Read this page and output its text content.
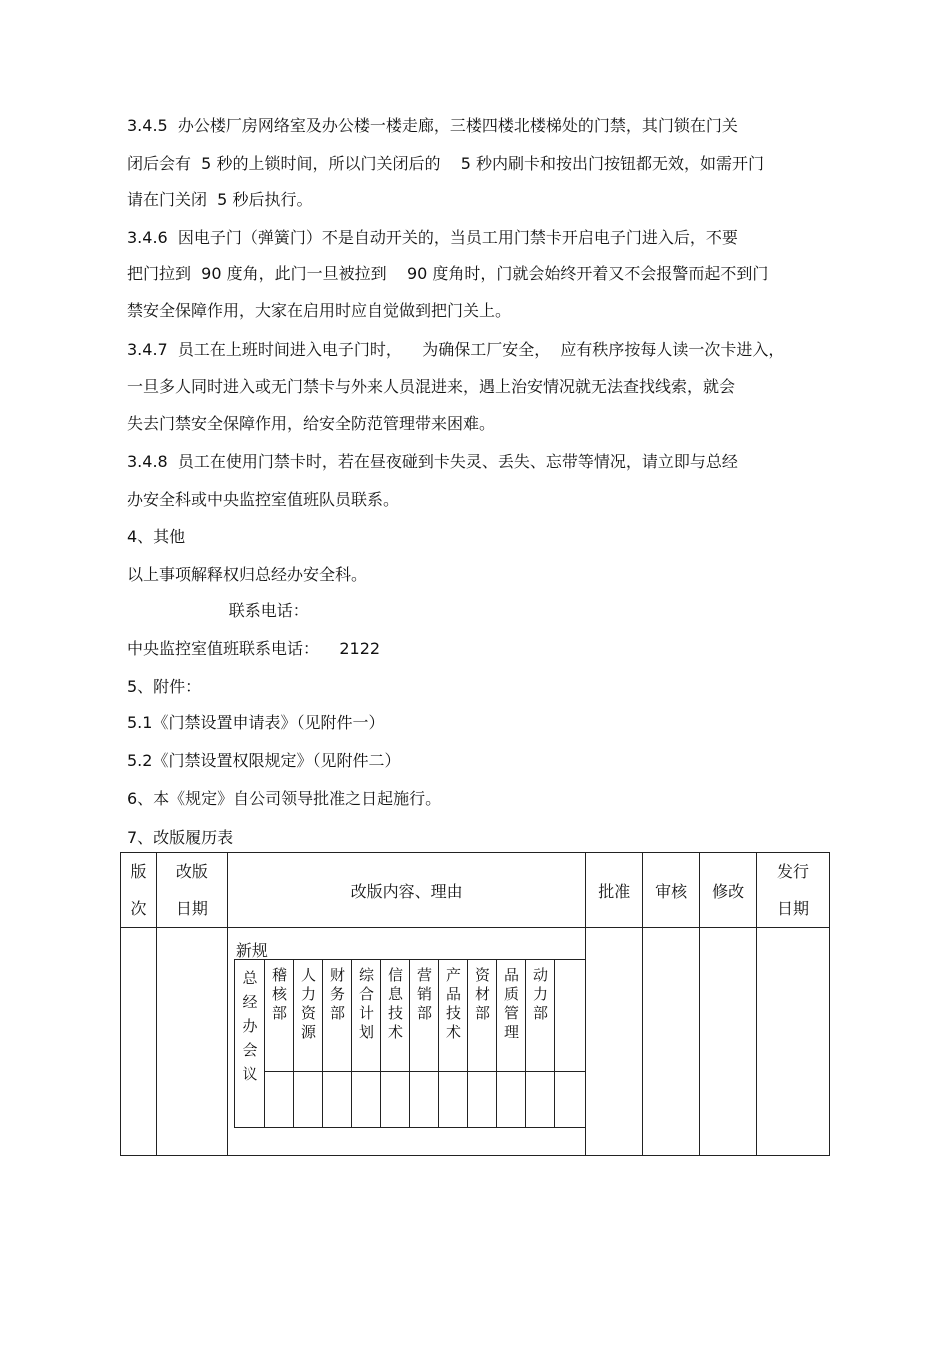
3.4.5  办公楼厂房网络室及办公楼一楼走廊，三楼四楼北楼梯处的门禁，其门锁在门关
闭后会有  5 秒的上锁时间，所以门关闭后的    5 秒内刷卡和按出门按钮都无效，如需开门
请在门关闭  5 秒后执行。
3.4.6  因电子门（弹簧门）不是自动开关的，当员工用门禁卡开启电子门进入后，不要
把门拉到  90 度角，此门一旦被拉到    90 度角时，门就会始终开着又不会报警而起不到门
禁安全保障作用，大家在启用时应自觉做到把门关上。
3.4.7  员工在上班时间进入电子门时，    为确保工厂安全，  应有秩序按每人读一次卡进入，
一旦多人同时进入或无门禁卡与外来人员混进来，遇上治安情况就无法查找线索，就会
失去门禁安全保障作用，给安全防范管理带来困难。
3.4.8  员工在使用门禁卡时，若在昼夜碰到卡失灵、丢失、忘带等情况，请立即与总经
办安全科或中央监控室值班队员联系。
4、其他
以上事项解释权归总经办安全科。
联系电话：
中央监控室值班联系电话：    2122
5、附件：
5.1《门禁设置申请表》（见附件一）
5.2《门禁设置权限规定》（见附件二）
6、本《规定》自公司领导批准之日起施行。
7、改版履历表
版次	改版日期	改版内容、理由	批准	审核	修改	发行日期

		新规				

总经办会议	稽核部	人力资源	财务部	综合计划	信息技术	营销部	产品技术	资材部	品质管理	动力部	
